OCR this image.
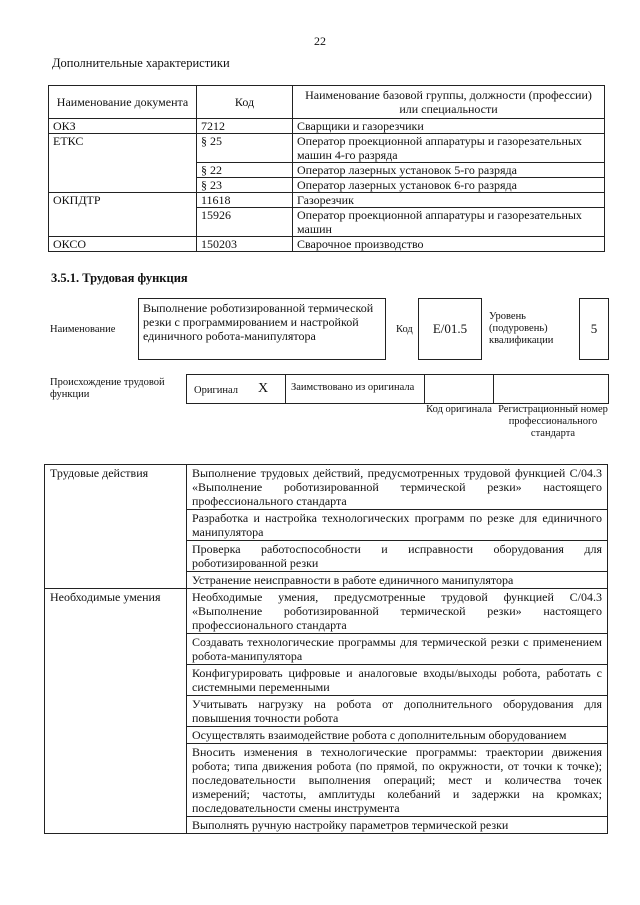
22
Дополнительные характеристики
Наименование документа	Код	Наименование базовой группы, должности (профессии) или специальности
ОКЗ	7212	Сварщики и газорезчики
ЕТКС	§ 25	Оператор проекционной аппаратуры и газорезательных машин 4-го разряда
	§ 22	Оператор лазерных установок 5-го разряда
	§ 23	Оператор лазерных установок 6-го разряда
ОКПДТР	11618	Газорезчик
	15926	Оператор проекционной аппаратуры и газорезательных машин
ОКСО	150203	Сварочное производство
3.5.1. Трудовая функция
Наименование
Выполнение роботизированной термической резки с программированием и настройкой единичного робота-манипулятора	Код E/01.5
Уровень (подуровень) квалификации
5
Происхождение трудовой функции	Оригинал X	Заимствовано из оригинала
Код оригинала Регистрационный номер профессионального стандарта
Трудовые действия	Выполнение трудовых действий, предусмотренных трудовой функцией C/04.3 «Выполнение роботизированной термической резки» настоящего профессионального стандарта
	Разработка и настройка технологических программ по резке для единичного манипулятора
	Проверка работоспособности и исправности оборудования для роботизированной резки
	Устранение неисправности в работе единичного манипулятора
Необходимые умения	Необходимые умения, предусмотренные трудовой функцией C/04.3 «Выполнение роботизированной термической резки» настоящего профессионального стандарта
	Создавать технологические программы для термической резки с применением робота-манипулятора
	Конфигурировать цифровые и аналоговые входы/выходы робота, работать с системными переменными
	Учитывать нагрузку на робота от дополнительного оборудования для повышения точности робота
	Осуществлять взаимодействие робота с дополнительным оборудованием
	Вносить изменения в технологические программы: траектории движения робота; типа движения робота (по прямой, по окружности, от точки к точке); последовательности выполнения операций; мест и количества точек измерений; частоты, амплитуды колебаний и задержки на кромках; последовательности смены инструмента
	Выполнять ручную настройку параметров термической резки
